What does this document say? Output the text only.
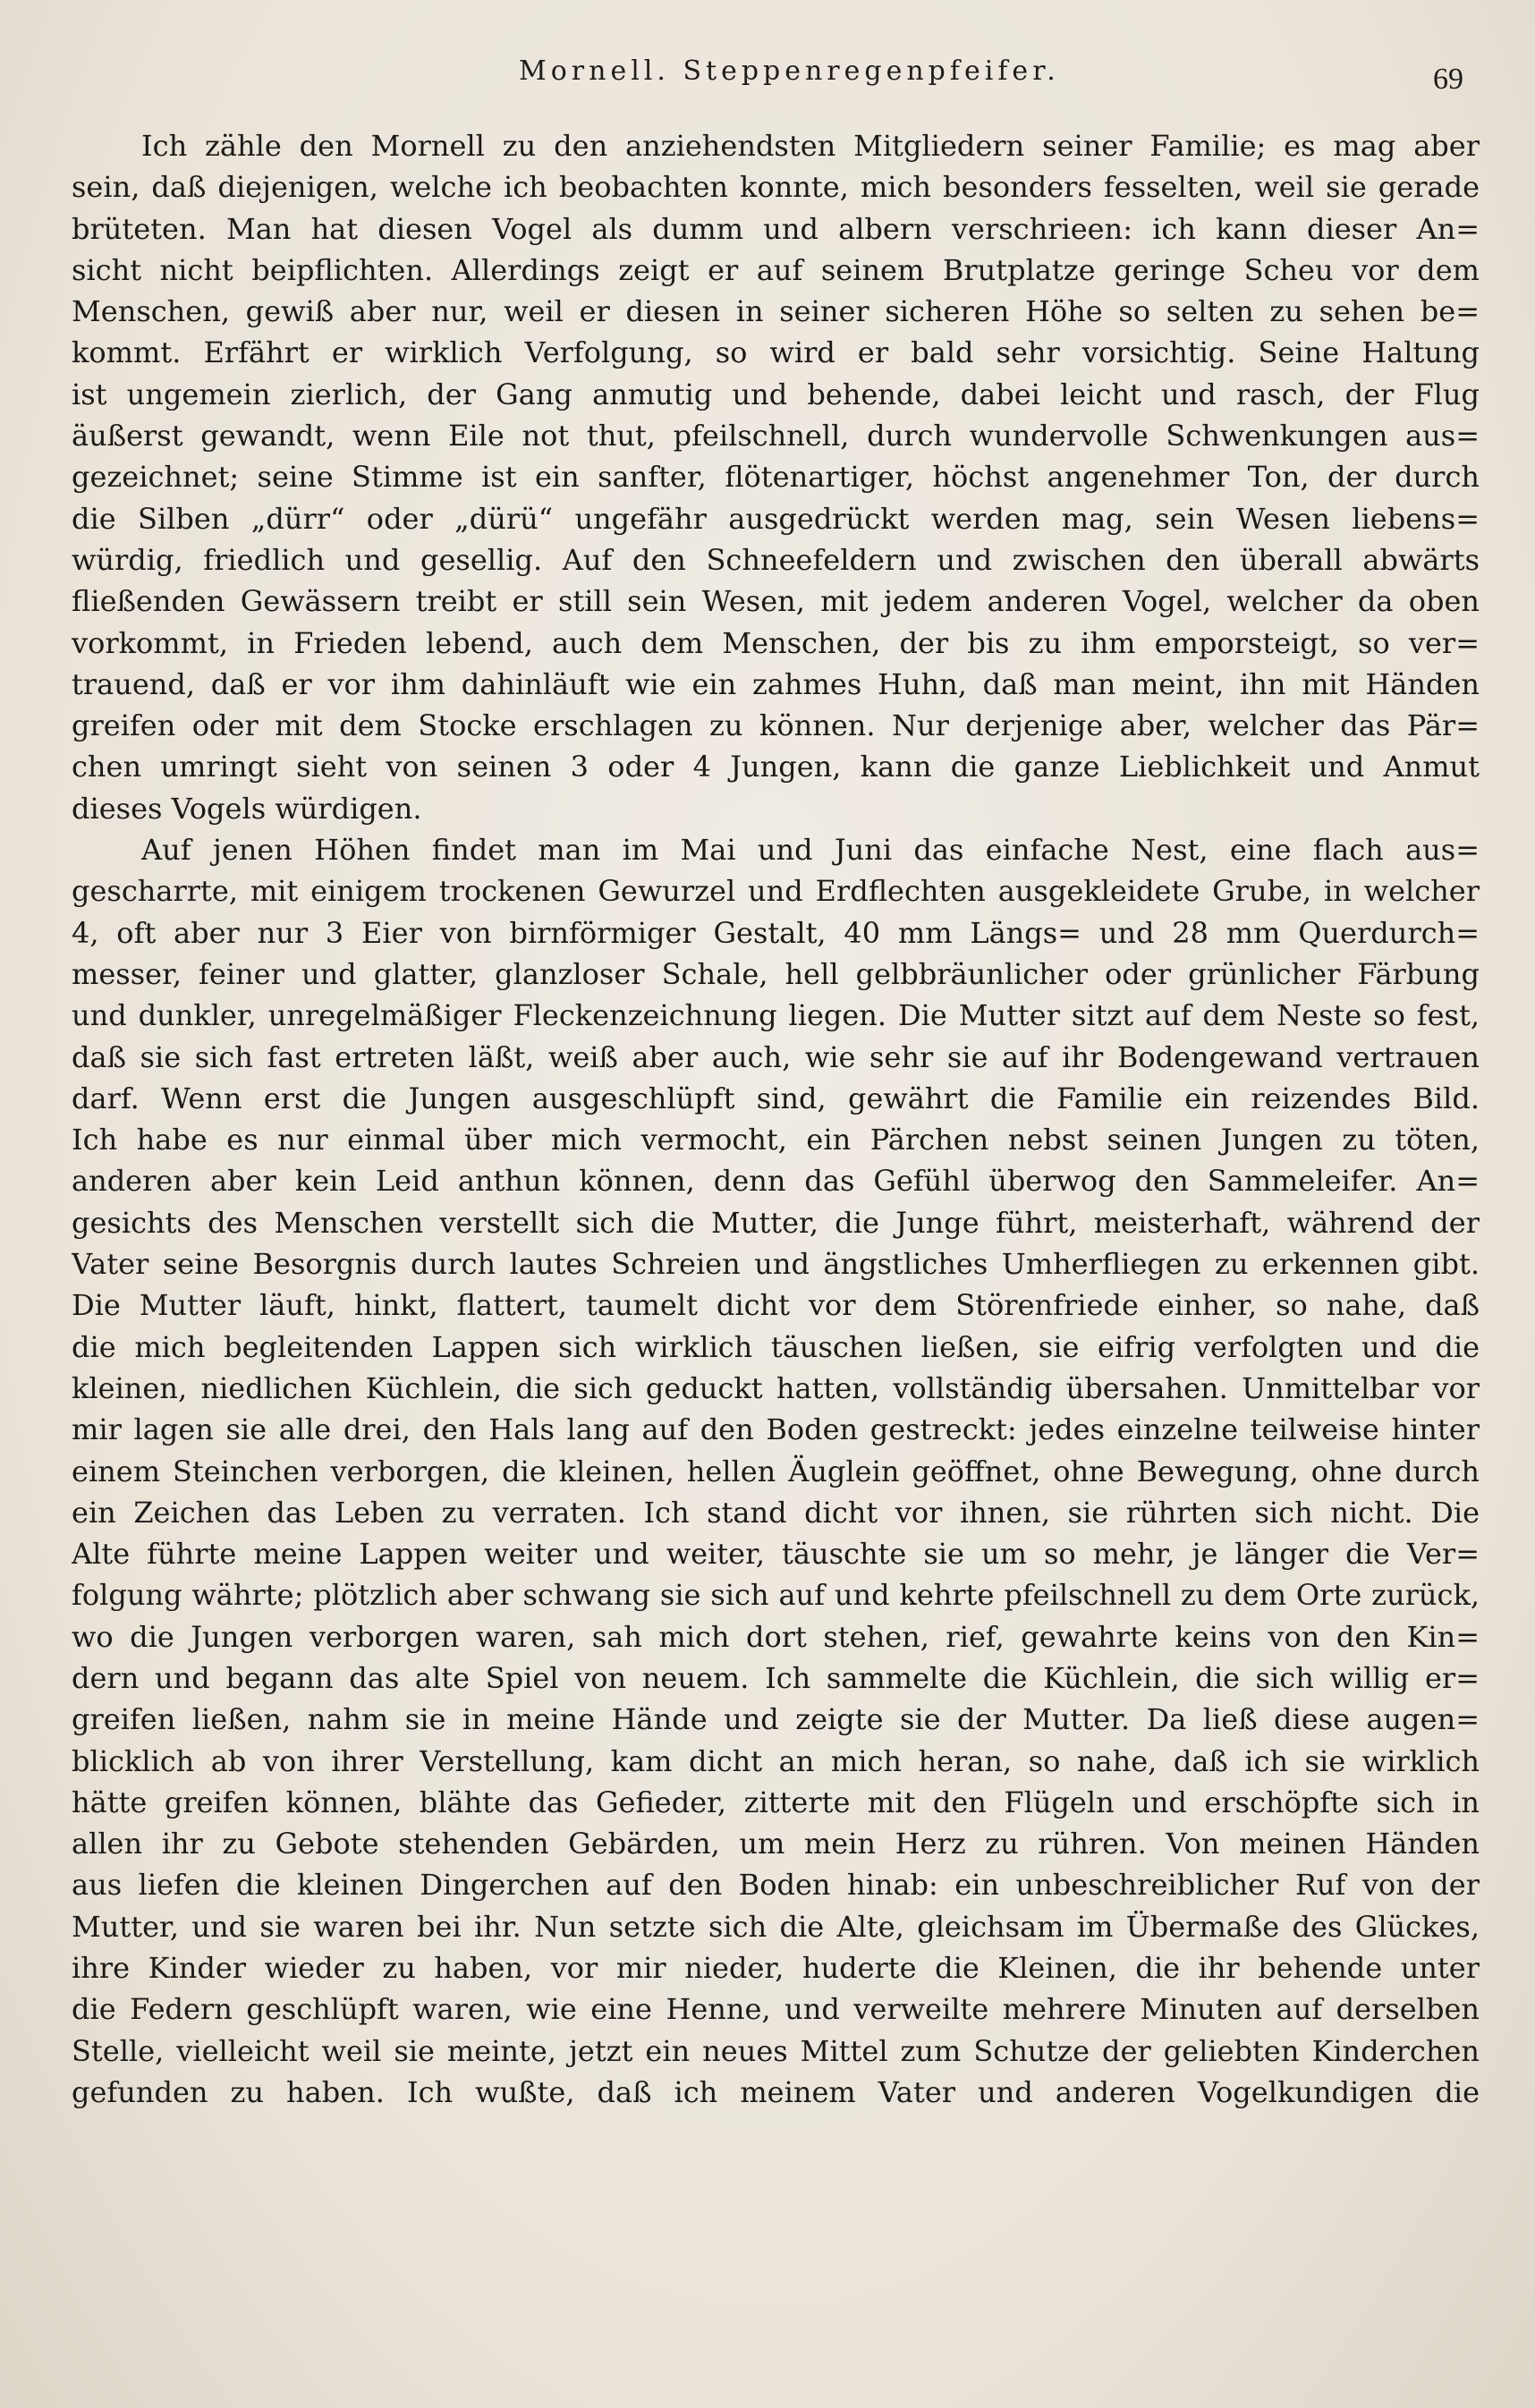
Mornell. Steppenregenpfeifer.	69
Ich zähle den Mornell zu den anziehendsten Mitgliedern seiner Familie; es mag aber
sein, daß diejenigen, welche ich beobachten konnte, mich besonders fesselten, weil sie gerade
brüteten. Man hat diesen Vogel als dumm und albern verschrieen: ich kann dieser An=
sicht nicht beipflichten. Allerdings zeigt er auf seinem Brutplatze geringe Scheu vor dem
Menschen, gewiß aber nur, weil er diesen in seiner sicheren Höhe so selten zu sehen be=
kommt. Erfährt er wirklich Verfolgung, so wird er bald sehr vorsichtig. Seine Haltung
ist ungemein zierlich, der Gang anmutig und behende, dabei leicht und rasch, der Flug
äußerst gewandt, wenn Eile not thut, pfeilschnell, durch wundervolle Schwenkungen aus=
gezeichnet; seine Stimme ist ein sanfter, flötenartiger, höchst angenehmer Ton, der durch
die Silben „dürr“ oder „dürü“ ungefähr ausgedrückt werden mag, sein Wesen liebens=
würdig, friedlich und gesellig. Auf den Schneefeldern und zwischen den überall abwärts
fließenden Gewässern treibt er still sein Wesen, mit jedem anderen Vogel, welcher da oben
vorkommt, in Frieden lebend, auch dem Menschen, der bis zu ihm emporsteigt, so ver=
trauend, daß er vor ihm dahinläuft wie ein zahmes Huhn, daß man meint, ihn mit Händen
greifen oder mit dem Stocke erschlagen zu können. Nur derjenige aber, welcher das Pär=
chen umringt sieht von seinen 3 oder 4 Jungen, kann die ganze Lieblichkeit und Anmut
dieses Vogels würdigen.
Auf jenen Höhen findet man im Mai und Juni das einfache Nest, eine flach aus=
gescharrte, mit einigem trockenen Gewurzel und Erdflechten ausgekleidete Grube, in welcher
4, oft aber nur 3 Eier von birnförmiger Gestalt, 40 mm Längs= und 28 mm Querdurch=
messer, feiner und glatter, glanzloser Schale, hell gelbbräunlicher oder grünlicher Färbung
und dunkler, unregelmäßiger Fleckenzeichnung liegen. Die Mutter sitzt auf dem Neste so fest,
daß sie sich fast ertreten läßt, weiß aber auch, wie sehr sie auf ihr Bodengewand vertrauen
darf. Wenn erst die Jungen ausgeschlüpft sind, gewährt die Familie ein reizendes Bild.
Ich habe es nur einmal über mich vermocht, ein Pärchen nebst seinen Jungen zu töten,
anderen aber kein Leid anthun können, denn das Gefühl überwog den Sammeleifer. An=
gesichts des Menschen verstellt sich die Mutter, die Junge führt, meisterhaft, während der
Vater seine Besorgnis durch lautes Schreien und ängstliches Umherfliegen zu erkennen gibt.
Die Mutter läuft, hinkt, flattert, taumelt dicht vor dem Störenfriede einher, so nahe, daß
die mich begleitenden Lappen sich wirklich täuschen ließen, sie eifrig verfolgten und die
kleinen, niedlichen Küchlein, die sich geduckt hatten, vollständig übersahen. Unmittelbar vor
mir lagen sie alle drei, den Hals lang auf den Boden gestreckt: jedes einzelne teilweise hinter
einem Steinchen verborgen, die kleinen, hellen Äuglein geöffnet, ohne Bewegung, ohne durch
ein Zeichen das Leben zu verraten. Ich stand dicht vor ihnen, sie rührten sich nicht. Die
Alte führte meine Lappen weiter und weiter, täuschte sie um so mehr, je länger die Ver=
folgung währte; plötzlich aber schwang sie sich auf und kehrte pfeilschnell zu dem Orte zurück,
wo die Jungen verborgen waren, sah mich dort stehen, rief, gewahrte keins von den Kin=
dern und begann das alte Spiel von neuem. Ich sammelte die Küchlein, die sich willig er=
greifen ließen, nahm sie in meine Hände und zeigte sie der Mutter. Da ließ diese augen=
blicklich ab von ihrer Verstellung, kam dicht an mich heran, so nahe, daß ich sie wirklich
hätte greifen können, blähte das Gefieder, zitterte mit den Flügeln und erschöpfte sich in
allen ihr zu Gebote stehenden Gebärden, um mein Herz zu rühren. Von meinen Händen
aus liefen die kleinen Dingerchen auf den Boden hinab: ein unbeschreiblicher Ruf von der
Mutter, und sie waren bei ihr. Nun setzte sich die Alte, gleichsam im Übermaße des Glückes,
ihre Kinder wieder zu haben, vor mir nieder, huderte die Kleinen, die ihr behende unter
die Federn geschlüpft waren, wie eine Henne, und verweilte mehrere Minuten auf derselben
Stelle, vielleicht weil sie meinte, jetzt ein neues Mittel zum Schutze der geliebten Kinderchen
gefunden zu haben. Ich wußte, daß ich meinem Vater und anderen Vogelkundigen die
